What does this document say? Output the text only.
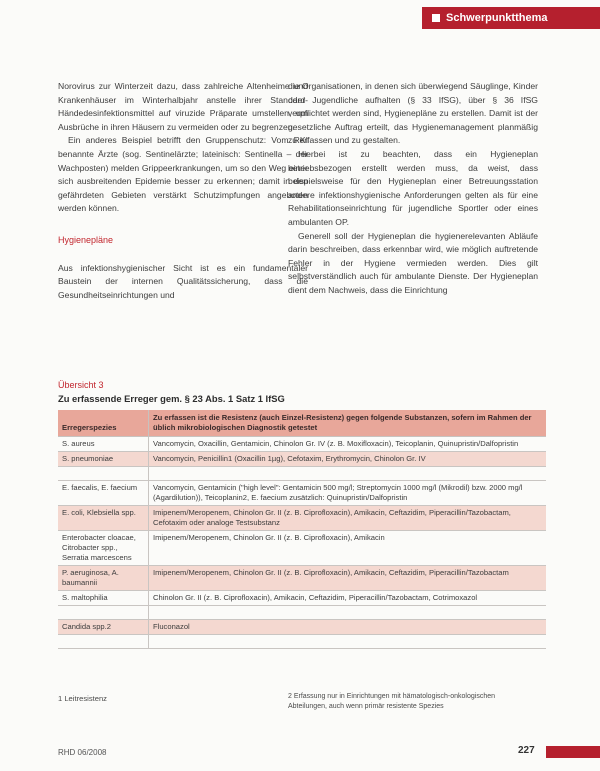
Schwerpunktthema

Norovirus zur Winterzeit dazu, dass zahlreiche Altenheime und Krankenhäuser im Winterhalbjahr anstelle ihrer Standard-Händedesinfektionsmittel auf viruzide Präparate umstellen, um Ausbrüche in ihren Häusern zu vermeiden oder zu begrenzen.

Ein anderes Beispiel betrifft den Gruppenschutz: Vom RKI benannte Ärzte (sog. Sentinelärzte; lateinisch: Sentinella – der Wachposten) melden Grippeerkrankungen, um so den Weg einer sich ausbreitenden Epidemie besser zu erkennen; damit in den gefährdeten Gebieten verstärkt Schutzimpfungen angeboten werden können.

Hygienepläne

Aus infektionshygienischer Sicht ist es ein fundamentaler Baustein der internen Qualitätssicherung, dass die Gesundheitseinrichtungen und

die Organisationen, in denen sich überwiegend Säuglinge, Kinder oder Jugendliche aufhalten (§ 33 IfSG), über § 36 IfSG verpflichtet werden sind, Hygienepläne zu erstellen. Damit ist der gesetzliche Auftrag erteilt, das Hygienemanagement planmäßig zu erfassen und zu gestalten.

Hierbei ist zu beachten, dass ein Hygieneplan betriebsbezogen erstellt werden muss, da weist, dass beispielsweise für den Hygieneplan einer Betreuungsstation andere infektionshygienische Anforderungen gelten als für eine Rehabilitationseinrichtung für jugendliche Sportler oder eines ambulanten OP.

Generell soll der Hygieneplan die hygienerelevanten Abläufe darin beschreiben, dass erkennbar wird, wie möglich auftretende Fehler in der Hygiene vermieden werden. Dies gilt selbstverständlich auch für ambulante Dienste. Der Hygieneplan dient dem Nachweis, dass die Einrichtung

Übersicht 3
Zu erfassende Erreger gem. § 23 Abs. 1 Satz 1 IfSG
Erregerspezies	Zu erfassen ist die Resistenz (auch Einzel-Resistenz) gegen folgende Substanzen, sofern im Rahmen der üblich mikrobiologischen Diagnostik getestet
S. aureus	Vancomycin, Oxacillin, Gentamicin, Chinolon Gr. IV (z. B. Moxifloxacin), Teicoplanin, Quinupristin/Dalfopristin
S. pneumoniae	Vancomycin, Penicillin1 (Oxacillin 1µg), Cefotaxim, Erythromycin, Chinolon Gr. IV

E. faecalis, E. faecium	Vancomycin, Gentamicin ("high level": Gentamicin 500 mg/l; Streptomycin 1000 mg/l (Mikrodil) bzw. 2000 mg/l (Agardilution)), Teicoplanin2, E. faecium zusätzlich: Quinupristin/Dalfopristin
E. coli, Klebsiella spp.	Imipenem/Meropenem, Chinolon Gr. II (z. B. Ciprofloxacin), Amikacin, Ceftazidim, Piperacillin/Tazobactam, Cefotaxim oder analoge Testsubstanz
Enterobacter cloacae, Citrobacter spp., Serratia marcescens	Imipenem/Meropenem, Chinolon Gr. II (z. B. Ciprofloxacin), Amikacin
P. aeruginosa, A. baumannii	Imipenem/Meropenem, Chinolon Gr. II (z. B. Ciprofloxacin), Amikacin, Ceftazidim, Piperacillin/Tazobactam
S. maltophilia	Chinolon Gr. II (z. B. Ciprofloxacin), Amikacin, Ceftazidim, Piperacillin/Tazobactam, Cotrimoxazol

Candida spp.2	Fluconazol

1 Leitresistenz	2 Erfassung nur in Einrichtungen mit hämatologisch-onkologischen Abteilungen, auch wenn primär resistente Spezies
RHD 06/2008	227
